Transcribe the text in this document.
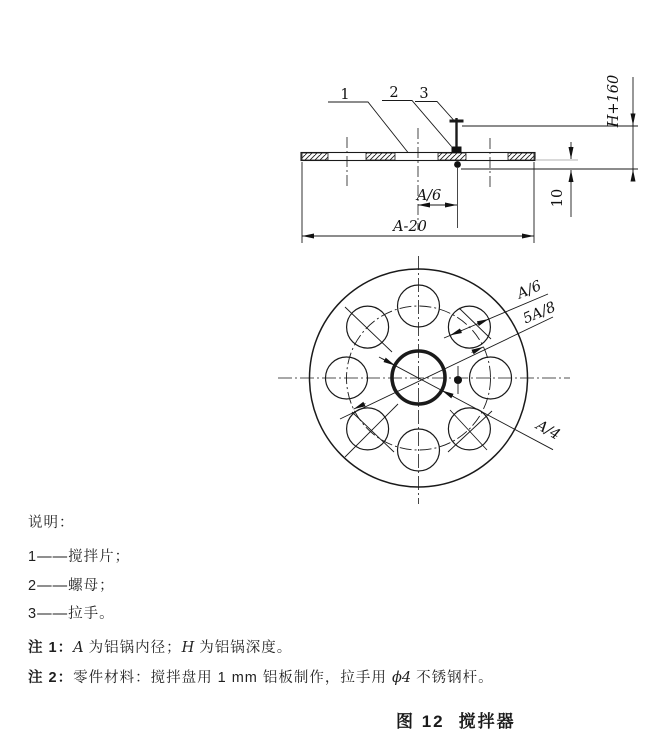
1	2 3
A/6
A-20
10
H+160
A/6
5A/8
A/4
说明：
1——搅拌片；
2——螺母；
3——拉手。
注 1：A 为铝锅内径；H 为铝锅深度。
注 2：零件材料：搅拌盘用 1 mm 铝板制作，拉手用 ϕ4 不锈钢杆。
图 12 搅拌器
